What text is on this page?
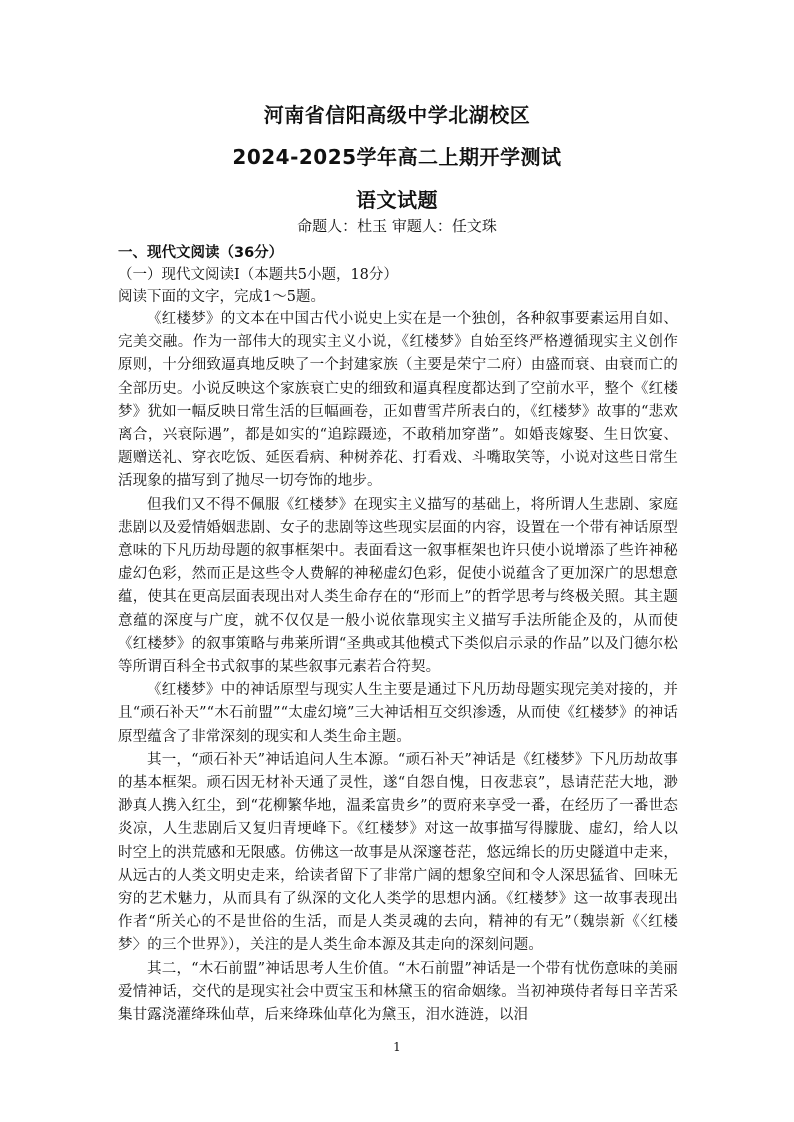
河南省信阳高级中学北湖校区
2024-2025学年高二上期开学测试
语文试题
命题人：杜玉 审题人：任文珠
一、现代文阅读（36分）
（一）现代文阅读Ⅰ（本题共5小题，18分）
阅读下面的文字，完成1～5题。

《红楼梦》的文本在中国古代小说史上实在是一个独创，各种叙事要素运用自如、完美交融。作为一部伟大的现实主义小说，《红楼梦》自始至终严格遵循现实主义创作原则，十分细致逼真地反映了一个封建家族（主要是荣宁二府）由盛而衰、由衰而亡的全部历史。小说反映这个家族衰亡史的细致和逼真程度都达到了空前水平，整个《红楼梦》犹如一幅反映日常生活的巨幅画卷，正如曹雪芹所表白的，《红楼梦》故事的“悲欢离合，兴衰际遇”，都是如实的“追踪蹑迹，不敢稍加穿凿”。如婚丧嫁娶、生日饮宴、题赠送礼、穿衣吃饭、延医看病、种树养花、打看戏、斗嘴取笑等，小说对这些日常生活现象的描写到了抛尽一切夸饰的地步。

但我们又不得不佩服《红楼梦》在现实主义描写的基础上，将所谓人生悲剧、家庭悲剧以及爱情婚姻悲剧、女子的悲剧等这些现实层面的内容，设置在一个带有神话原型意味的下凡历劫母题的叙事框架中。表面看这一叙事框架也许只使小说增添了些许神秘虚幻色彩，然而正是这些令人费解的神秘虚幻色彩，促使小说蕴含了更加深广的思想意蕴，使其在更高层面表现出对人类生命存在的“形而上”的哲学思考与终极关照。其主题意蕴的深度与广度，就不仅仅是一般小说依靠现实主义描写手法所能企及的，从而使《红楼梦》的叙事策略与弗莱所谓“圣典或其他模式下类似启示录的作品”以及门德尔松等所谓百科全书式叙事的某些叙事元素若合符契。

《红楼梦》中的神话原型与现实人生主要是通过下凡历劫母题实现完美对接的，并且“顽石补天”“木石前盟”“太虚幻境”三大神话相互交织渗透，从而使《红楼梦》的神话原型蕴含了非常深刻的现实和人类生命主题。

其一，“顽石补天”神话追问人生本源。“顽石补天”神话是《红楼梦》下凡历劫故事的基本框架。顽石因无材补天通了灵性，遂“自怨自愧，日夜悲哀”，恳请茫茫大地，渺渺真人携入红尘，到“花柳繁华地，温柔富贵乡”的贾府来享受一番，在经历了一番世态炎凉，人生悲剧后又复归青埂峰下。《红楼梦》对这一故事描写得朦胧、虚幻，给人以时空上的洪荒感和无限感。仿佛这一故事是从深邃苍茫，悠远绵长的历史隧道中走来，从远古的人类文明史走来，给读者留下了非常广阔的想象空间和令人深思猛省、回味无穷的艺术魅力，从而具有了纵深的文化人类学的思想内涵。《红楼梦》这一故事表现出作者“所关心的不是世俗的生活，而是人类灵魂的去向，精神的有无”（魏崇新《〈红楼梦〉的三个世界》），关注的是人类生命本源及其走向的深刻问题。

其二，“木石前盟”神话思考人生价值。“木石前盟”神话是一个带有忧伤意味的美丽爱情神话，交代的是现实社会中贾宝玉和林黛玉的宿命姻缘。当初神瑛侍者每日辛苦采集甘露浇灌绛珠仙草，后来绛珠仙草化为黛玉，泪水涟涟，以泪

1
